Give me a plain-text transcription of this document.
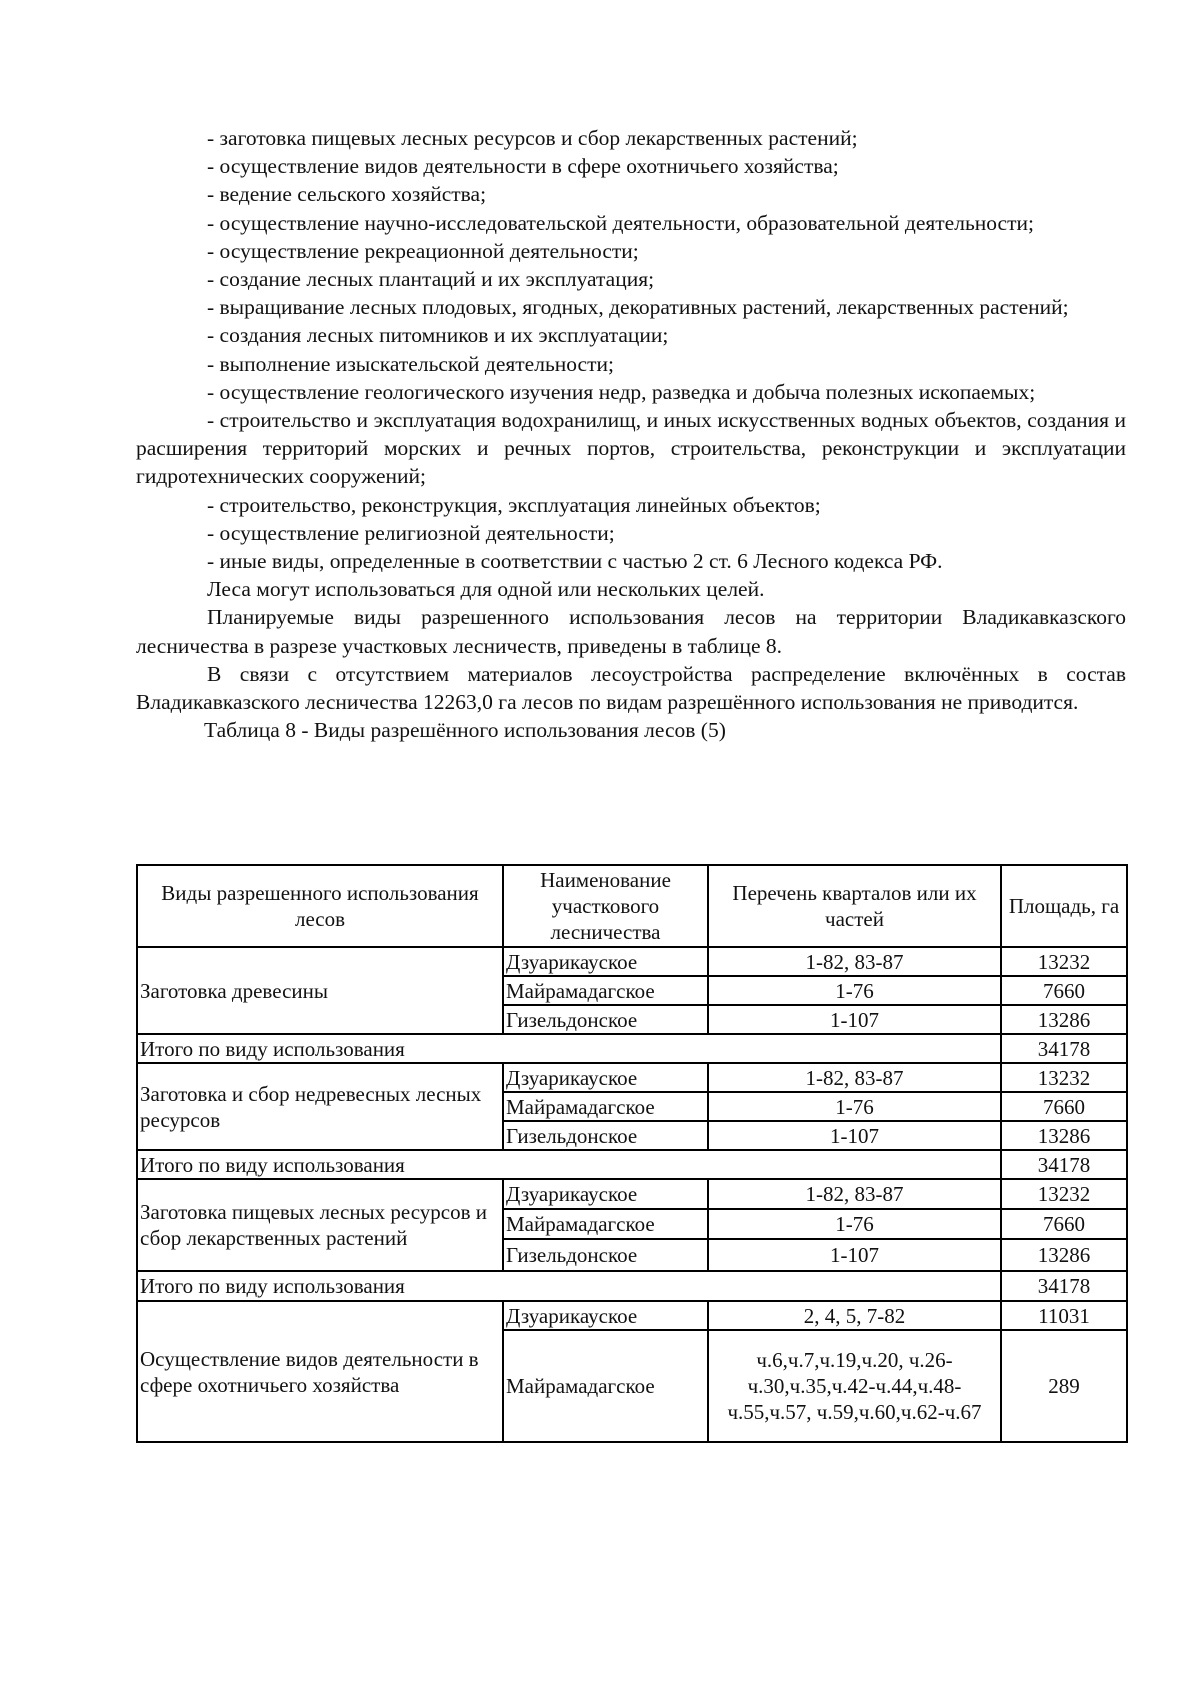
- заготовка пищевых лесных ресурсов и сбор лекарственных растений;

- осуществление видов деятельности в сфере охотничьего хозяйства;

- ведение сельского хозяйства;

- осуществление научно-исследовательской деятельности, образовательной деятельности;

- осуществление рекреационной деятельности;

- создание лесных плантаций и их эксплуатация;

- выращивание лесных плодовых, ягодных, декоративных растений, лекарственных растений;

- создания лесных питомников и их эксплуатации;

- выполнение изыскательской деятельности;

- осуществление геологического изучения недр, разведка и добыча полезных ископаемых;

- строительство и эксплуатация водохранилищ, и иных искусственных водных объектов, создания и расширения территорий морских и речных портов, строительства, реконструкции и эксплуатации гидротехнических сооружений;

- строительство, реконструкция, эксплуатация линейных объектов;

- осуществление религиозной деятельности;

- иные виды, определенные в соответствии с частью 2 ст. 6 Лесного кодекса РФ.

Леса могут использоваться для одной или нескольких целей.

Планируемые виды разрешенного использования лесов на территории Владикавказского лесничества в разрезе участковых лесничеств, приведены в таблице 8.

В связи с отсутствием материалов лесоустройства распределение включённых в состав Владикавказского лесничества 12263,0 га лесов по видам разрешённого использования не приводится.

Таблица 8 - Виды разрешённого использования лесов (5)

Виды разрешенного использования лесов	Наименование участкового лесничества	Перечень кварталов или их частей	Площадь, га
Заготовка древесины	Дзуарикауское	1-82, 83-87	13232
	Майрамадагское	1-76	7660
	Гизельдонское	1-107	13286
Итого по виду использования			34178
Заготовка и сбор недревесных лесных ресурсов	Дзуарикауское	1-82, 83-87	13232
	Майрамадагское	1-76	7660
	Гизельдонское	1-107	13286
Итого по виду использования			34178
Заготовка пищевых лесных ресурсов и сбор лекарственных растений	Дзуарикауское	1-82, 83-87	13232
	Майрамадагское	1-76	7660
	Гизельдонское	1-107	13286
Итого по виду использования			34178
Осуществление видов деятельности в сфере охотничьего хозяйства	Дзуарикауское	2, 4, 5, 7-82	11031
	Майрамадагское	ч.6,ч.7,ч.19,ч.20, ч.26-ч.30,ч.35,ч.42-ч.44,ч.48-ч.55,ч.57, ч.59,ч.60,ч.62-ч.67	289
